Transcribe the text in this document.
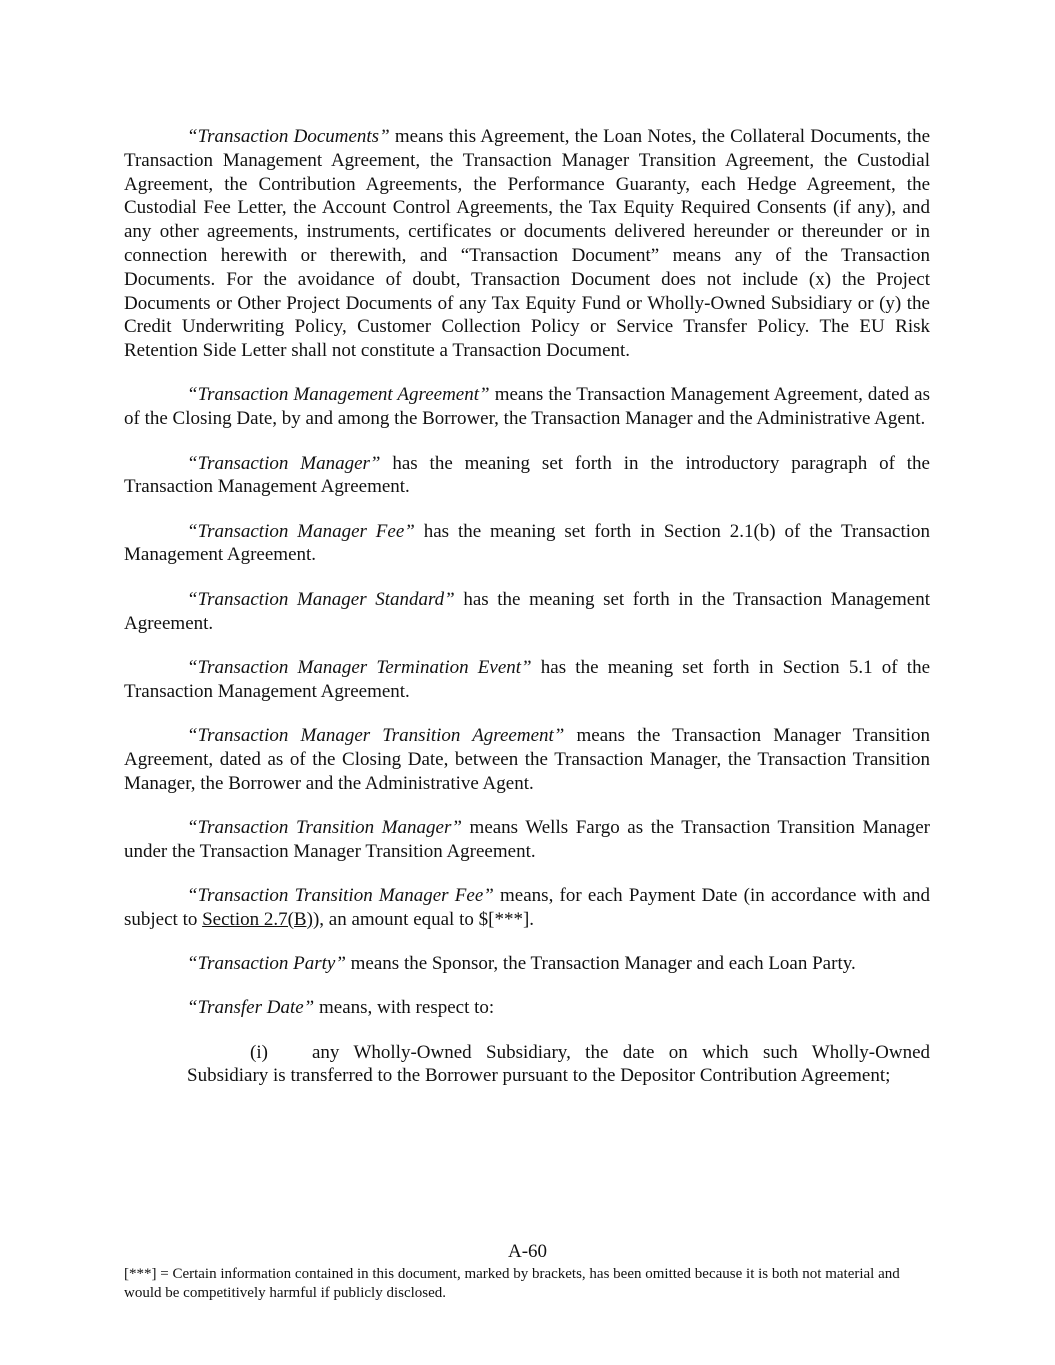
“Transaction Documents” means this Agreement, the Loan Notes, the Collateral Documents, the Transaction Management Agreement, the Transaction Manager Transition Agreement, the Custodial Agreement, the Contribution Agreements, the Performance Guaranty, each Hedge Agreement, the Custodial Fee Letter, the Account Control Agreements, the Tax Equity Required Consents (if any), and any other agreements, instruments, certificates or documents delivered hereunder or thereunder or in connection herewith or therewith, and “Transaction Document” means any of the Transaction Documents. For the avoidance of doubt, Transaction Document does not include (x) the Project Documents or Other Project Documents of any Tax Equity Fund or Wholly-Owned Subsidiary or (y) the Credit Underwriting Policy, Customer Collection Policy or Service Transfer Policy. The EU Risk Retention Side Letter shall not constitute a Transaction Document.

“Transaction Management Agreement” means the Transaction Management Agreement, dated as of the Closing Date, by and among the Borrower, the Transaction Manager and the Administrative Agent.

“Transaction Manager” has the meaning set forth in the introductory paragraph of the Transaction Management Agreement.

“Transaction Manager Fee” has the meaning set forth in Section 2.1(b) of the Transaction Management Agreement.

“Transaction Manager Standard” has the meaning set forth in the Transaction Management Agreement.

“Transaction Manager Termination Event” has the meaning set forth in Section 5.1 of the Transaction Management Agreement.

“Transaction Manager Transition Agreement” means the Transaction Manager Transition Agreement, dated as of the Closing Date, between the Transaction Manager, the Transaction Transition Manager, the Borrower and the Administrative Agent.

“Transaction Transition Manager” means Wells Fargo as the Transaction Transition Manager under the Transaction Manager Transition Agreement.

“Transaction Transition Manager Fee” means, for each Payment Date (in accordance with and subject to Section 2.7(B)), an amount equal to $[***].

“Transaction Party” means the Sponsor, the Transaction Manager and each Loan Party.

“Transfer Date” means, with respect to:

(i) any Wholly-Owned Subsidiary, the date on which such Wholly-Owned Subsidiary is transferred to the Borrower pursuant to the Depositor Contribution Agreement;

A-60
[***] = Certain information contained in this document, marked by brackets, has been omitted because it is both not material and would be competitively harmful if publicly disclosed.
